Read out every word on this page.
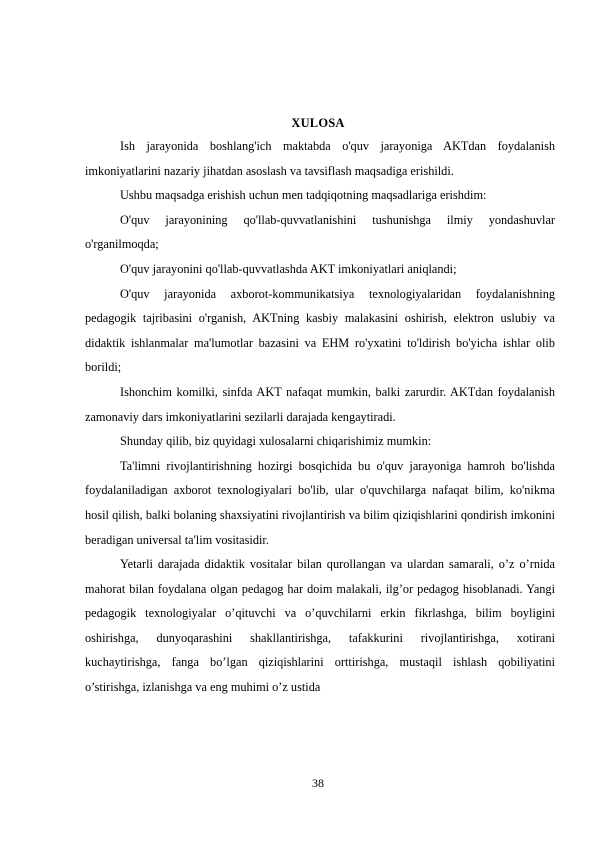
XULOSA

Ish jarayonida boshlang'ich maktabda o'quv jarayoniga AKTdan foydalanish imkoniyatlarini nazariy jihatdan asoslash va tavsiflash maqsadiga erishildi.

Ushbu maqsadga erishish uchun men tadqiqotning maqsadlariga erishdim:

O'quv jarayonining qo'llab-quvvatlanishini tushunishga ilmiy yondashuvlar o'rganilmoqda;

O'quv jarayonini qo'llab-quvvatlashda AKT imkoniyatlari aniqlandi;

O'quv jarayonida axborot-kommunikatsiya texnologiyalaridan foydalanishning pedagogik tajribasini o'rganish, AKTning kasbiy malakasini oshirish, elektron uslubiy va didaktik ishlanmalar ma'lumotlar bazasini va EHM ro'yxatini to'ldirish bo'yicha ishlar olib borildi;

Ishonchim komilki, sinfda AKT nafaqat mumkin, balki zarurdir. AKTdan foydalanish zamonaviy dars imkoniyatlarini sezilarli darajada kengaytiradi.

Shunday qilib, biz quyidagi xulosalarni chiqarishimiz mumkin:

Ta'limni rivojlantirishning hozirgi bosqichida bu o'quv jarayoniga hamroh bo'lishda foydalaniladigan axborot texnologiyalari bo'lib, ular o'quvchilarga nafaqat bilim, ko'nikma hosil qilish, balki bolaning shaxsiyatini rivojlantirish va bilim qiziqishlarini qondirish imkonini beradigan universal ta'lim vositasidir.

Yetarli darajada didaktik vositalar bilan qurollangan va ulardan samarali, o’z o’rnida mahorat bilan foydalana olgan pedagog har doim malakali, ilg’or pedagog hisoblanadi. Yangi pedagogik texnologiyalar o’qituvchi va o’quvchilarni erkin fikrlashga, bilim boyligini oshirishga, dunyoqarashini shakllantirishga, tafakkurini rivojlantirishga, xotirani kuchaytirishga, fanga bo’lgan qiziqishlarini orttirishga, mustaqil ishlash qobiliyatini o’stirishga, izlanishga va eng muhimi o’z ustida

38
